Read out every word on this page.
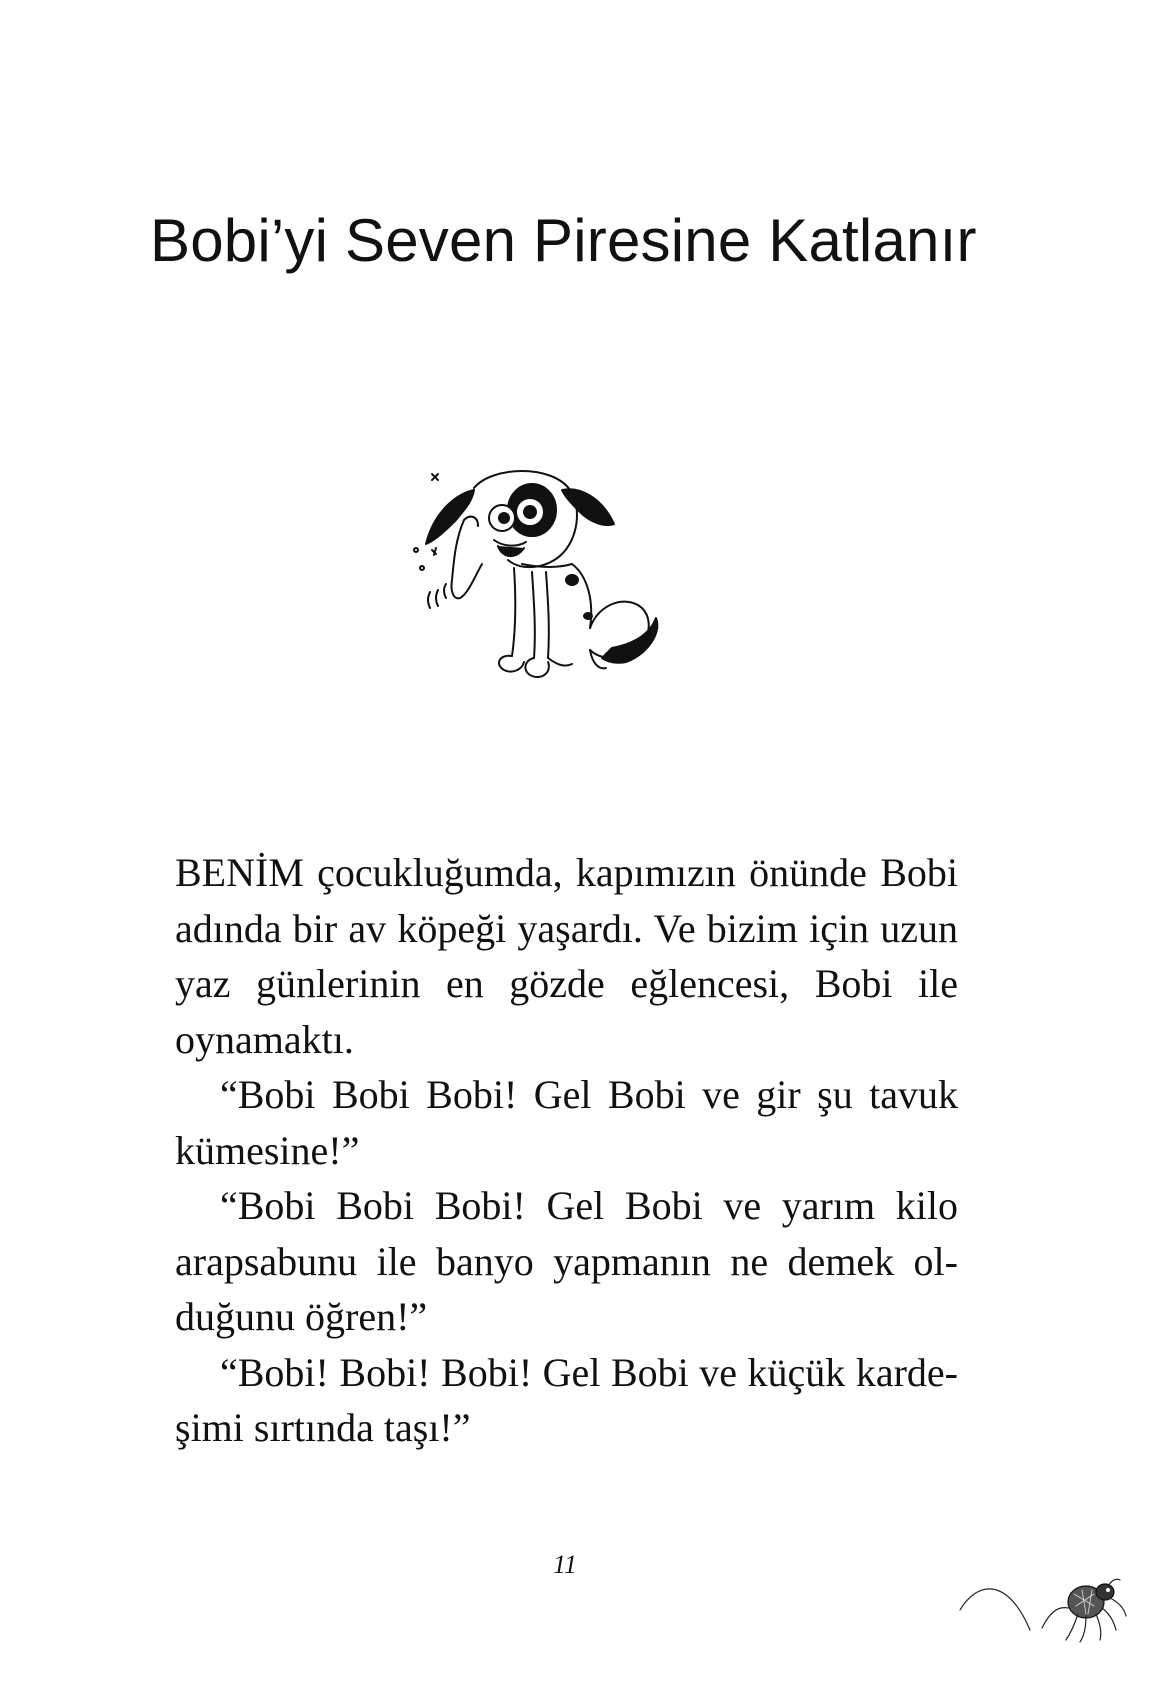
Bobi’yi Seven Piresine Katlanır

BENİM çocukluğumda, kapımızın önünde Bobi adında bir av köpeği yaşardı. Ve bizim için uzun yaz günlerinin en gözde eğlencesi, Bobi ile oynamaktı.

“Bobi Bobi Bobi! Gel Bobi ve gir şu tavuk kümesine!”

“Bobi Bobi Bobi! Gel Bobi ve yarım kilo arapsabunu ile banyo yapmanın ne demek olduğunu öğren!”

“Bobi! Bobi! Bobi! Gel Bobi ve küçük kardeşimi sırtında taşı!”

11
